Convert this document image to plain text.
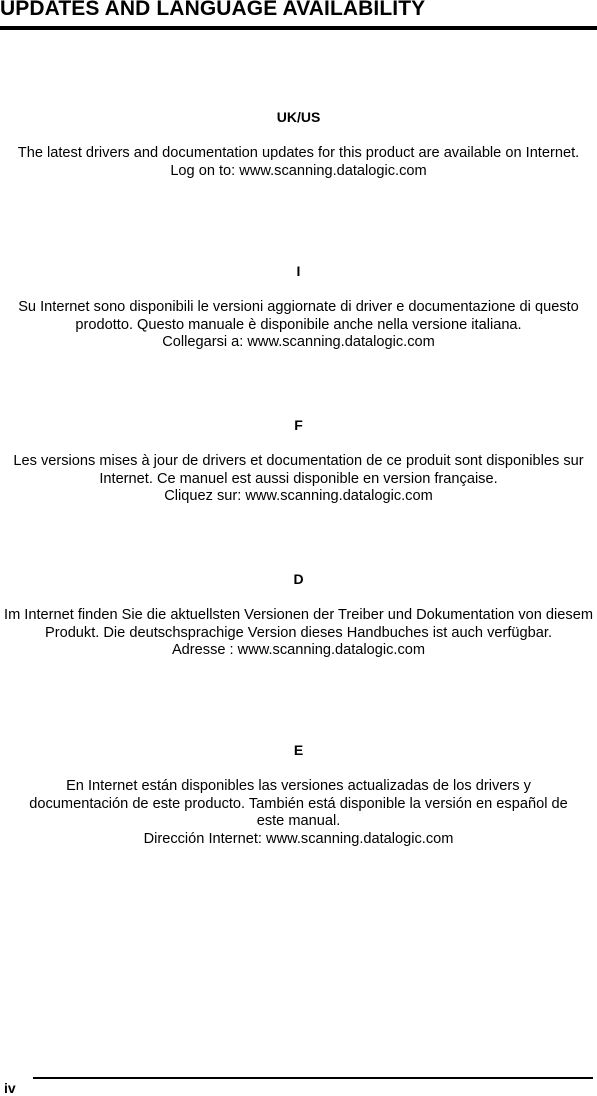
UPDATES AND LANGUAGE AVAILABILITY
UK/US
The latest drivers and documentation updates for this product are available on Internet.
Log on to: www.scanning.datalogic.com
I
Su Internet sono disponibili le versioni aggiornate di driver e documentazione di questo prodotto. Questo manuale è disponibile anche nella versione italiana.
Collegarsi a: www.scanning.datalogic.com
F
Les versions mises à jour de drivers et documentation de ce produit sont disponibles sur Internet. Ce manuel est aussi disponible en version française.
Cliquez sur: www.scanning.datalogic.com
D
Im Internet finden Sie die aktuellsten Versionen der Treiber und Dokumentation von diesem Produkt. Die deutschsprachige Version dieses Handbuches ist auch verfügbar.
Adresse : www.scanning.datalogic.com
E
En Internet están disponibles las versiones actualizadas de los drivers y documentación de este producto. También está disponible la versión en español de este manual.
Dirección Internet: www.scanning.datalogic.com
iv
